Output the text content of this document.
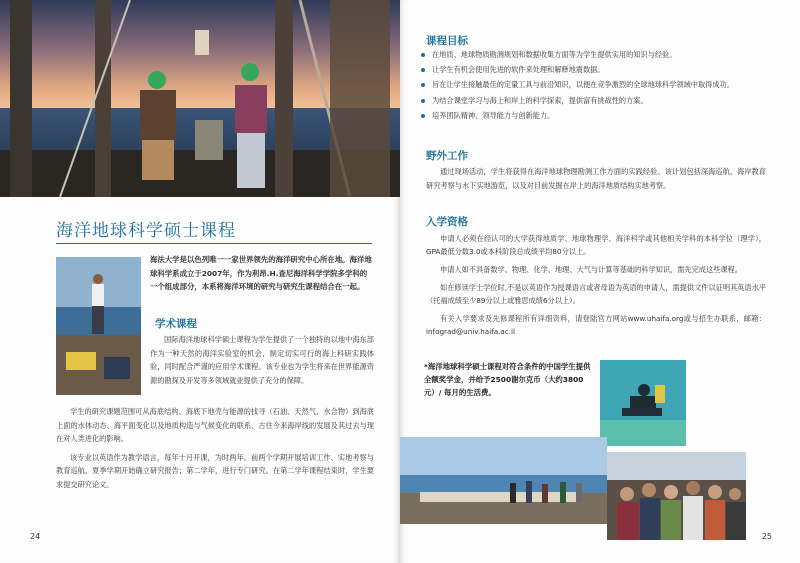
海洋地球科学硕士课程

海法大学是以色列唯一一家世界领先的海洋研究中心所在地。海洋地球科学系成立于2007年，作为利昂.H.查尼海洋科学学院多学科的一个组成部分，本系将海洋环境的研究与研究生课程结合在一起。

学术课程

国际海洋地球科学硕士课程为学生提供了一个独特的以地中海东部作为一种天然的海洋实验室的机会，制定切实可行的海上科研实践体验，同时配合严谨的应用学术课程。该专业也为学生将来在世界能源资源的勘探及开发等多领域就业提供了充分的保障。

学生的研究课题范围可从海底结构、海底下地壳与能源的找寻（石油、天然气、水合物）到海底上面的水体动态、海平面变化以及地质构造与气候变化的联系、古往今来海岸线的发展及其过去与现在对人类进化的影响。

该专业以英语作为教学语言，每年十月开课，为时两年。前两个学期开展培训工作、实地考察与教育巡航，夏季学期开始确立研究报告；第二学年，进行专门研究。在第二学年课程结束时，学生要求提交研究论文。

24	25
课程目标
在地质、地球物质勘测规划和数据收集方面等为学生提供实用的知识与经验。
让学生有机会使用先进的软件来处理和解释地震数据。
旨在让学生接触最佳的定量工具与前沿知识，以便在竞争激烈的全球地球科学领域中取得成功。
为结合课堂学习与海上和岸上的科学探索，提供富有挑战性的方案。
培养团队精神、领导能力与创新能力。
野外工作

通过现场活动，学生将获得在海洋地球物理勘测工作方面的实践经验。该计划包括深海巡航、海岸教育研究考察与水下实地游览，以及对目前发掘在岸上的海洋地质结构实地考察。

入学资格

申请人必须在经认可的大学获得地质学、地球物理学、海洋科学或其他相关学科的本科学位（理学），GPA最低分数3.0或本科阶段总成绩平均80分以上。

申请人如不具备数学、物理、化学、地理、大气与计算等基础的科学知识，需先完成这些课程。

如在修读学士学位时,不是以英语作为授课语言或者母语为英语的申请人，需提供文件以证明其英语水平（托福成绩至少89分以上或雅思成绩6分以上）。

有关入学要求及先修课程所有详细资料，请登陆官方网站www.uhaifa.org或与招生办联系，邮箱：infograd@univ.haifa.ac.il

*海洋地球科学硕士课程对符合条件的中国学生提供全额奖学金，并给予2500谢尔克币（大约3800元）/ 每月的生活费。
